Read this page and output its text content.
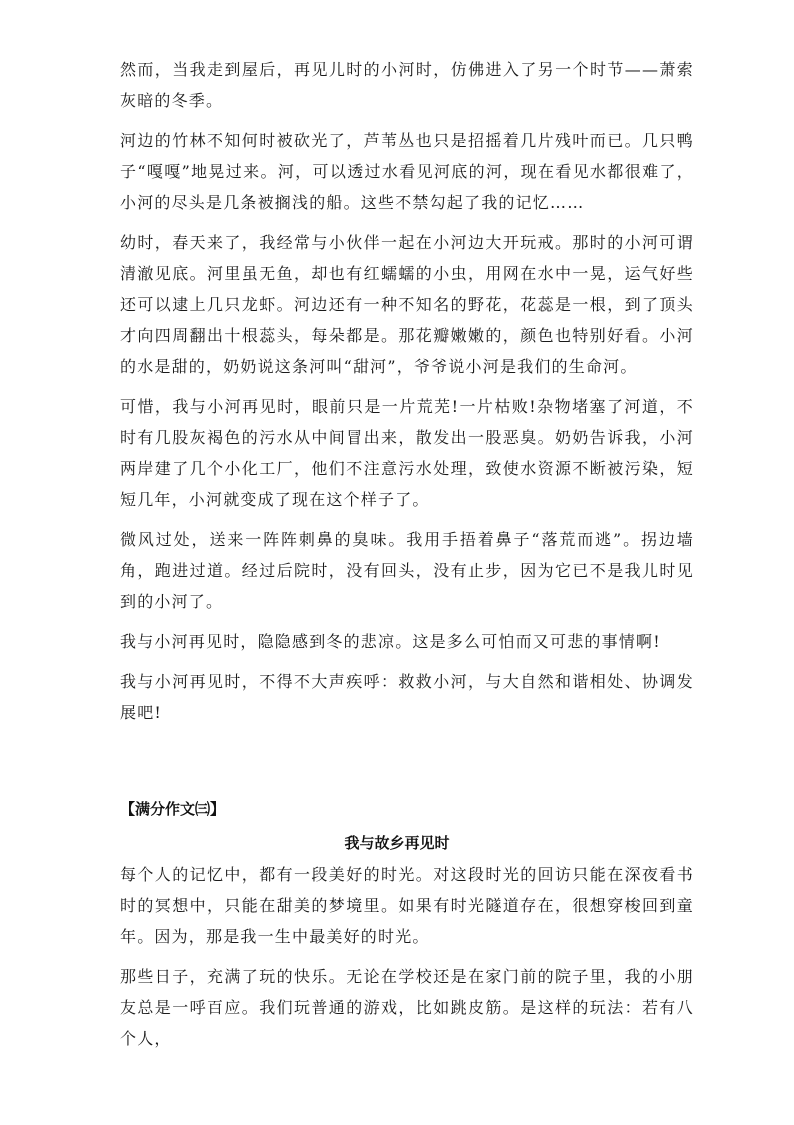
然而，当我走到屋后，再见儿时的小河时，仿佛进入了另一个时节——萧索灰暗的冬季。

河边的竹林不知何时被砍光了，芦苇丛也只是招摇着几片残叶而已。几只鸭子“嘎嘎”地晃过来。河，可以透过水看见河底的河，现在看见水都很难了，小河的尽头是几条被搁浅的船。这些不禁勾起了我的记忆……

幼时，春天来了，我经常与小伙伴一起在小河边大开玩戒。那时的小河可谓清澈见底。河里虽无鱼，却也有红蠕蠕的小虫，用网在水中一晃，运气好些还可以逮上几只龙虾。河边还有一种不知名的野花，花蕊是一根，到了顶头才向四周翻出十根蕊头，每朵都是。那花瓣嫩嫩的，颜色也特别好看。小河的水是甜的，奶奶说这条河叫“甜河”，爷爷说小河是我们的生命河。

可惜，我与小河再见时，眼前只是一片荒芜!一片枯败!杂物堵塞了河道，不时有几股灰褐色的污水从中间冒出来，散发出一股恶臭。奶奶告诉我，小河两岸建了几个小化工厂，他们不注意污水处理，致使水资源不断被污染，短短几年，小河就变成了现在这个样子了。

微风过处，送来一阵阵刺鼻的臭味。我用手捂着鼻子“落荒而逃”。拐边墙角，跑进过道。经过后院时，没有回头，没有止步，因为它已不是我儿时见到的小河了。

我与小河再见时，隐隐感到冬的悲凉。这是多么可怕而又可悲的事情啊!

我与小河再见时，不得不大声疾呼：救救小河，与大自然和谐相处、协调发展吧!

【满分作文㈢】
我与故乡再见时

每个人的记忆中，都有一段美好的时光。对这段时光的回访只能在深夜看书时的冥想中，只能在甜美的梦境里。如果有时光隧道存在，很想穿梭回到童年。因为，那是我一生中最美好的时光。

那些日子，充满了玩的快乐。无论在学校还是在家门前的院子里，我的小朋友总是一呼百应。我们玩普通的游戏，比如跳皮筋。是这样的玩法：若有八个人，
